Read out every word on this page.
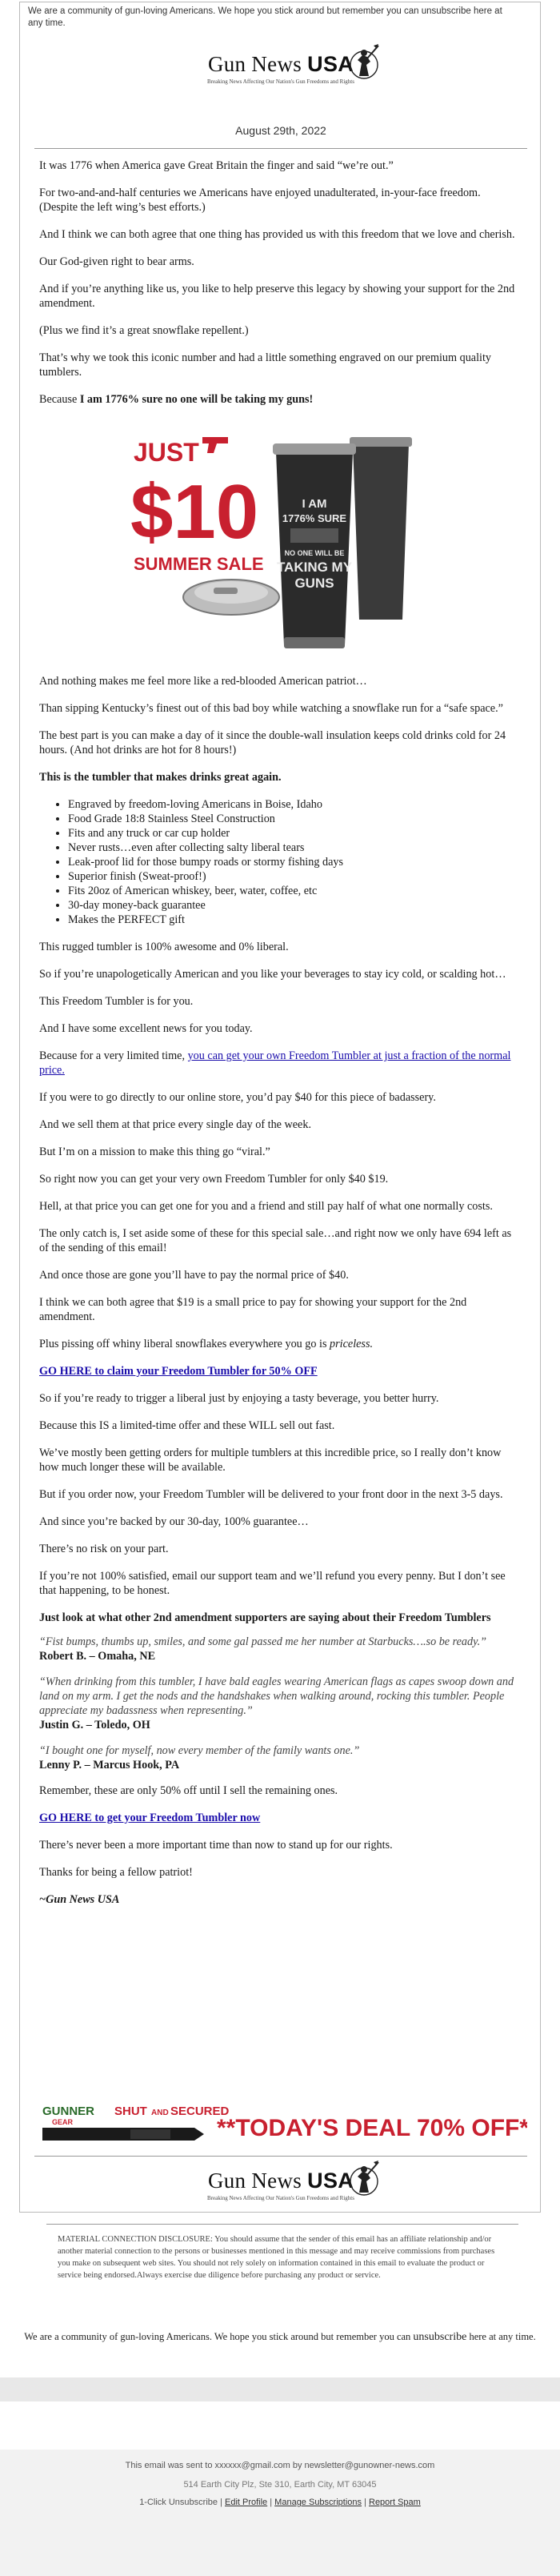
We are a community of gun-loving Americans. We hope you stick around but remember you can unsubscribe here at any time.
Gun News USA
Breaking News Affecting Our Nation's Gun Freedoms and Rights
August 29th, 2022

It was 1776 when America gave Great Britain the finger and said “we’re out.”

For two-and-and-half centuries we Americans have enjoyed unadulterated, in-your-face freedom. (Despite the left wing’s best efforts.)

And I think we can both agree that one thing has provided us with this freedom that we love and cherish.

Our God-given right to bear arms.

And if you’re anything like us, you like to help preserve this legacy by showing your support for the 2nd amendment.

(Plus we find it’s a great snowflake repellent.)

That’s why we took this iconic number and had a little something engraved on our premium quality tumblers.

Because I am 1776% sure no one will be taking my guns!

JUST
$10
SUMMER SALE
I AM
1776% SURE
NO ONE WILL BE
TAKING MY
GUNS

And nothing makes me feel more like a red-blooded American patriot…

Than sipping Kentucky’s finest out of this bad boy while watching a snowflake run for a “safe space.”

The best part is you can make a day of it since the double-wall insulation keeps cold drinks cold for 24 hours. (And hot drinks are hot for 8 hours!)

This is the tumbler that makes drinks great again.

• Engraved by freedom-loving Americans in Boise, Idaho
• Food Grade 18:8 Stainless Steel Construction
• Fits and any truck or car cup holder
• Never rusts…even after collecting salty liberal tears
• Leak-proof lid for those bumpy roads or stormy fishing days
• Superior finish (Sweat-proof!)
• Fits 20oz of American whiskey, beer, water, coffee, etc
• 30-day money-back guarantee
• Makes the PERFECT gift

This rugged tumbler is 100% awesome and 0% liberal.

So if you’re unapologetically American and you like your beverages to stay icy cold, or scalding hot…

This Freedom Tumbler is for you.

And I have some excellent news for you today.

Because for a very limited time, you can get your own Freedom Tumbler at just a fraction of the normal price.

If you were to go directly to our online store, you’d pay $40 for this piece of badassery.

And we sell them at that price every single day of the week.

But I’m on a mission to make this thing go “viral.”

So right now you can get your very own Freedom Tumbler for only $40 $19.

Hell, at that price you can get one for you and a friend and still pay half of what one normally costs.

The only catch is, I set aside some of these for this special sale…and right now we only have 694 left as of the sending of this email!

And once those are gone you’ll have to pay the normal price of $40.

I think we can both agree that $19 is a small price to pay for showing your support for the 2nd amendment.

Plus pissing off whiny liberal snowflakes everywhere you go is priceless.

GO HERE to claim your Freedom Tumbler for 50% OFF

So if you’re ready to trigger a liberal just by enjoying a tasty beverage, you better hurry.

Because this IS a limited-time offer and these WILL sell out fast.

We’ve mostly been getting orders for multiple tumblers at this incredible price, so I really don’t know how much longer these will be available.

But if you order now, your Freedom Tumbler will be delivered to your front door in the next 3-5 days.

And since you’re backed by our 30-day, 100% guarantee…

There’s no risk on your part.

If you’re not 100% satisfied, email our support team and we’ll refund you every penny. But I don’t see that happening, to be honest.

Just look at what other 2nd amendment supporters are saying about their Freedom Tumblers
“Fist bumps, thumbs up, smiles, and some gal passed me her number at Starbucks….so be ready.”
Robert B. – Omaha, NE
“When drinking from this tumbler, I have bald eagles wearing American flags as capes swoop down and land on my arm. I get the nods and the handshakes when walking around, rocking this tumbler. People appreciate my badassness when representing.”
Justin G. – Toledo, OH
“I bought one for myself, now every member of the family wants one.”
Lenny P. – Marcus Hook, PA

Remember, these are only 50% off until I sell the remaining ones.

GO HERE to get your Freedom Tumbler now

There’s never been a more important time than now to stand up for our rights.

Thanks for being a fellow patriot!

~Gun News USA

GUNNER
GEAR
SHUT AND SECURED
**TODAY'S DEAL 70% OFF**
Gun News USA
Breaking News Affecting Our Nation's Gun Freedoms and Rights
MATERIAL CONNECTION DISCLOSURE: You should assume that the sender of this email has an affiliate relationship and/or another material connection to the persons or businesses mentioned in this message and may receive commissions from purchases you make on subsequent web sites. You should not rely solely on information contained in this email to evaluate the product or service being endorsed.Always exercise due diligence before purchasing any product or service.
We are a community of gun-loving Americans. We hope you stick around but remember you can unsubscribe here at any time.
This email was sent to xxxxxx@gmail.com by newsletter@gunowner-news.com
514 Earth City Plz, Ste 310, Earth City, MT 63045
1-Click Unsubscribe | Edit Profile | Manage Subscriptions | Report Spam
